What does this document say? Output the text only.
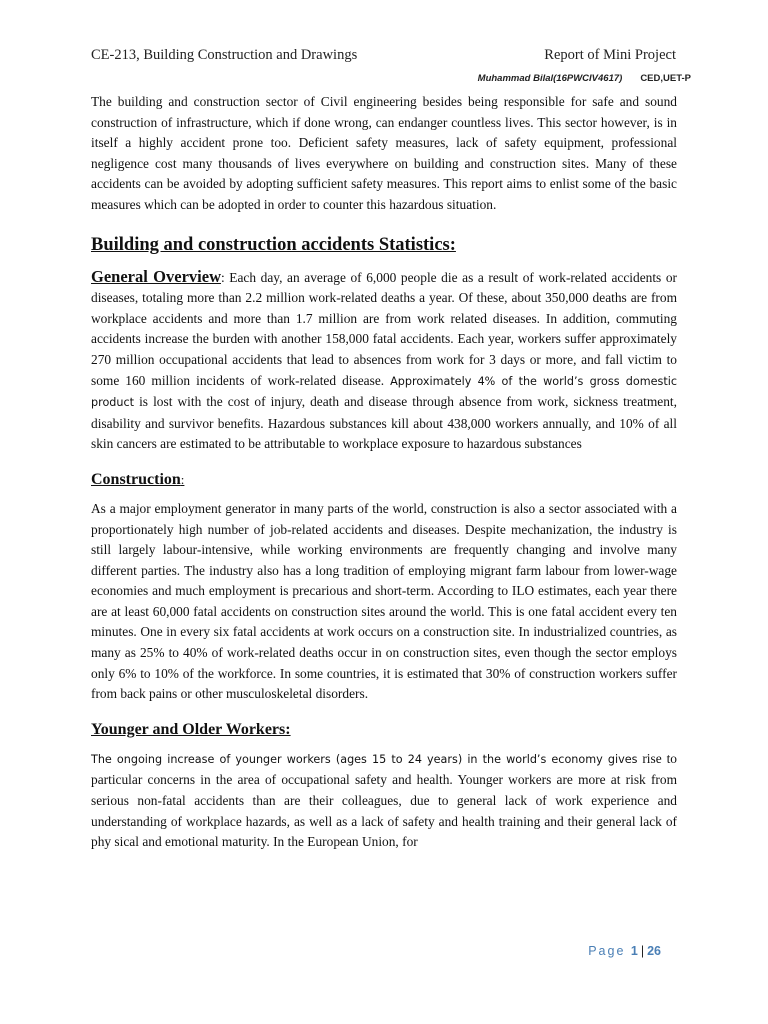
CE-213, Building Construction and Drawings	Report of Mini Project
Muhammad Bilal(16PWCIV4617) CED,UET-P

The building and construction sector of Civil engineering besides being responsible for safe and sound construction of infrastructure, which if done wrong, can endanger countless lives. This sector however, is in itself a highly accident prone too. Deficient safety measures, lack of safety equipment, professional negligence cost many thousands of lives everywhere on building and construction sites. Many of these accidents can be avoided by adopting sufficient safety measures. This report aims to enlist some of the basic measures which can be adopted in order to counter this hazardous situation.

Building and construction accidents Statistics:

General Overview: Each day, an average of 6,000 people die as a result of work-related accidents or diseases, totaling more than 2.2 million work-related deaths a year. Of these, about 350,000 deaths are from workplace accidents and more than 1.7 million are from work related diseases. In addition, commuting accidents increase the burden with another 158,000 fatal accidents. Each year, workers suffer approximately 270 million occupational accidents that lead to absences from work for 3 days or more, and fall victim to some 160 million incidents of work-related disease. Approximately 4% of the world’s gross domestic product is lost with the cost of injury, death and disease through absence from work, sickness treatment, disability and survivor benefits. Hazardous substances kill about 438,000 workers annually, and 10% of all skin cancers are estimated to be attributable to workplace exposure to hazardous substances

Construction:

As a major employment generator in many parts of the world, construction is also a sector associated with a proportionately high number of job-related accidents and diseases. Despite mechanization, the industry is still largely labour-intensive, while working environments are frequently changing and involve many different parties. The industry also has a long tradition of employing migrant farm labour from lower-wage economies and much employment is precarious and short-term. According to ILO estimates, each year there are at least 60,000 fatal accidents on construction sites around the world. This is one fatal accident every ten minutes. One in every six fatal accidents at work occurs on a construction site. In industrialized countries, as many as 25% to 40% of work-related deaths occur in on construction sites, even though the sector employs only 6% to 10% of the workforce. In some countries, it is estimated that 30% of construction workers suffer from back pains or other musculoskeletal disorders.

Younger and Older Workers:

The ongoing increase of younger workers (ages 15 to 24 years) in the world’s economy gives rise to particular concerns in the area of occupational safety and health. Younger workers are more at risk from serious non-fatal accidents than are their colleagues, due to general lack of work experience and understanding of workplace hazards, as well as a lack of safety and health training and their general lack of phy sical and emotional maturity. In the European Union, for

Page 1 | 26
